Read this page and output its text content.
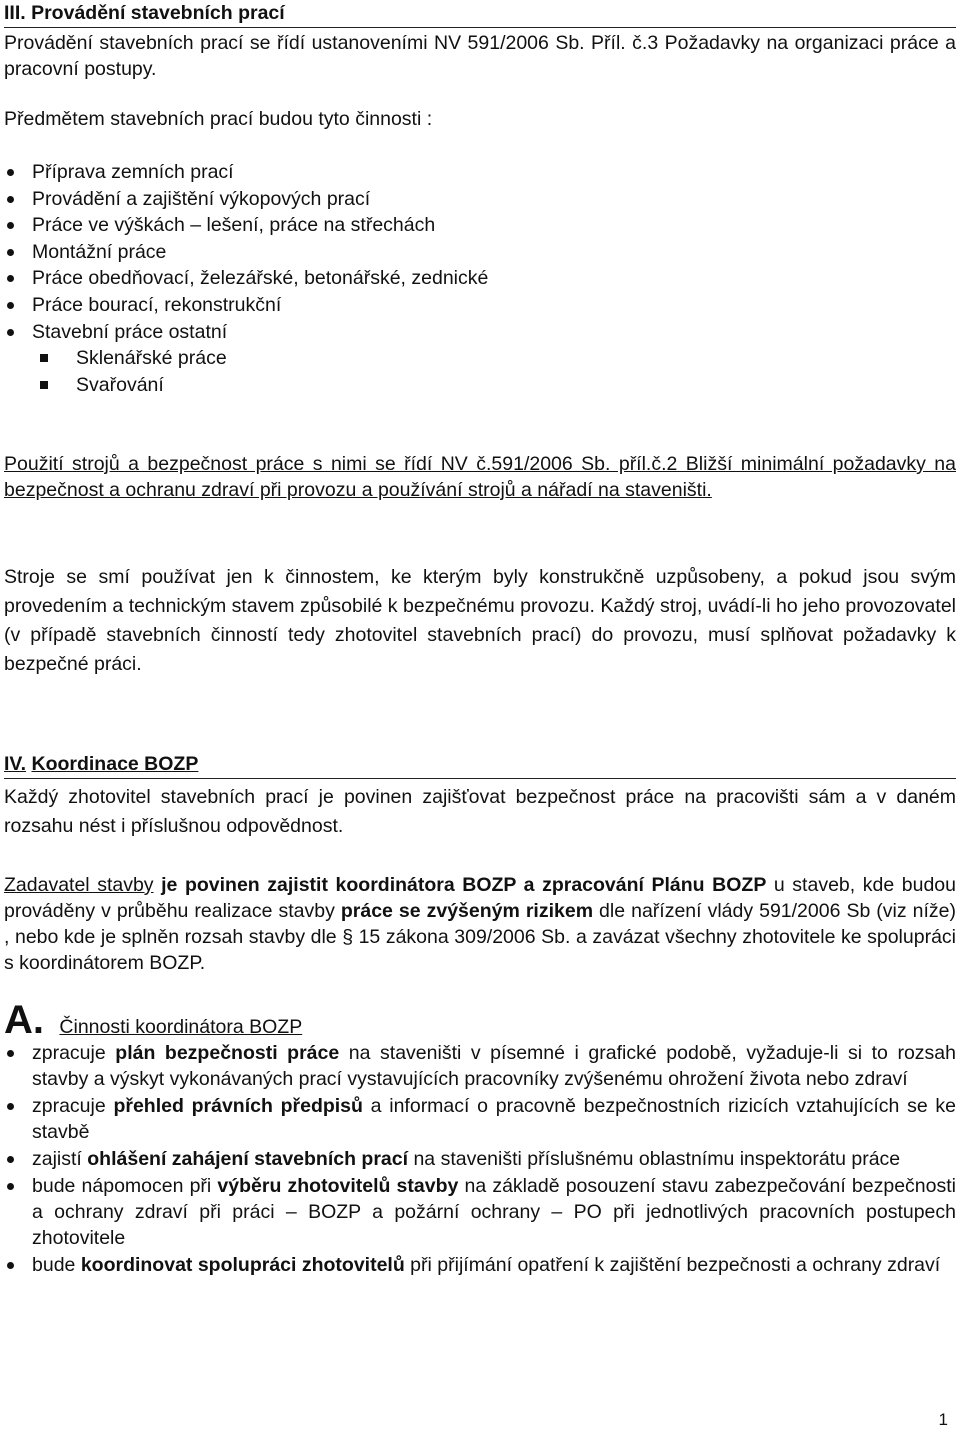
III. Provádění stavebních prací

Provádění stavebních prací se řídí ustanoveními NV 591/2006 Sb. Příl. č.3 Požadavky na organizaci práce a pracovní postupy.

Předmětem stavebních prací budou tyto činnosti :

Příprava zemních prací
Provádění a zajištění výkopových prací
Práce ve výškách – lešení, práce na střechách
Montážní práce
Práce obedňovací, železářské, betonářské, zednické
Práce bourací, rekonstrukční
Stavební práce ostatní
Sklenářské práce
Svařování

Použití strojů a bezpečnost práce s nimi se řídí NV č.591/2006 Sb. příl.č.2 Bližší minimální požadavky na bezpečnost a ochranu zdraví při provozu a používání strojů a nářadí na staveništi.

Stroje se smí používat jen k činnostem, ke kterým byly konstrukčně uzpůsobeny, a pokud jsou svým provedením a technickým stavem způsobilé k bezpečnému provozu. Každý stroj, uvádí-li ho jeho provozovatel (v případě stavebních činností tedy zhotovitel stavebních prací) do provozu, musí splňovat požadavky k bezpečné práci.

IV. Koordinace BOZP

Každý zhotovitel stavebních prací je povinen zajišťovat bezpečnost práce na pracovišti sám a v daném rozsahu nést i příslušnou odpovědnost.

Zadavatel stavby je povinen zajistit koordinátora BOZP a zpracování Plánu BOZP u staveb, kde budou prováděny v průběhu realizace stavby práce se zvýšeným rizikem dle nařízení vlády 591/2006 Sb (viz níže) , nebo kde je splněn rozsah stavby dle § 15 zákona 309/2006 Sb. a zavázat všechny zhotovitele ke spolupráci s koordinátorem BOZP.

A. Činnosti koordinátora BOZP
zpracuje plán bezpečnosti práce na staveništi v písemné i grafické podobě, vyžaduje-li si to rozsah stavby a výskyt vykonávaných prací vystavujících pracovníky zvýšenému ohrožení života nebo zdraví
zpracuje přehled právních předpisů a informací o pracovně bezpečnostních rizicích vztahujících se ke stavbě
zajistí ohlášení zahájení stavebních prací na staveništi příslušnému oblastnímu inspektorátu práce
bude nápomocen při výběru zhotovitelů stavby na základě posouzení stavu zabezpečování bezpečnosti a ochrany zdraví při práci – BOZP a požární ochrany – PO při jednotlivých pracovních postupech zhotovitele
bude koordinovat spolupráci zhotovitelů při přijímání opatření k zajištění bezpečnosti a ochrany zdraví
1
